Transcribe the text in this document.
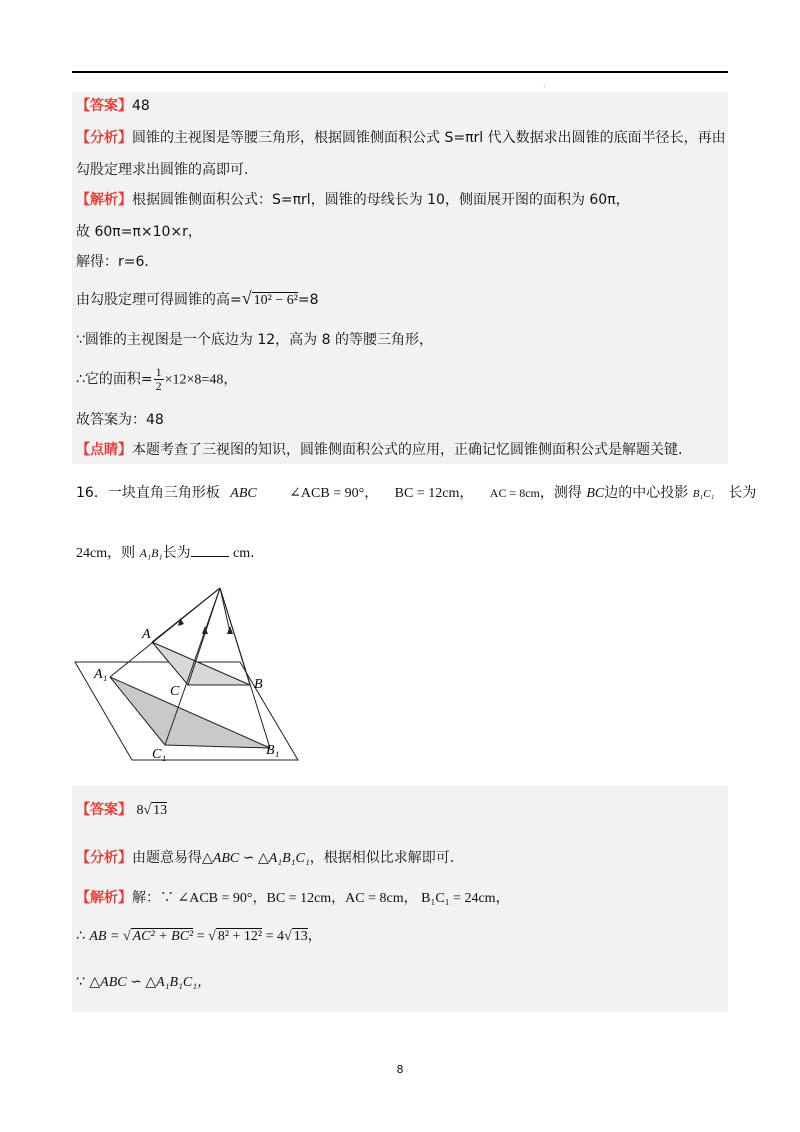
.
【答案】48
【分析】圆锥的主视图是等腰三角形，根据圆锥侧面积公式 S=πrl 代入数据求出圆锥的底面半径长，再由
勾股定理求出圆锥的高即可.
【解析】根据圆锥侧面积公式：S=πrl，圆锥的母线长为 10，侧面展开图的面积为 60π，
故 60π=π×10×r，
解得：r=6．
由勾股定理可得圆锥的高=√ 10² − 6²=8
∵圆锥的主视图是一个底边为 12，高为 8 的等腰三角形，
∴它的面积= $\frac{1}{2} \times 12\times 8=48$，
故答案为：48
【点睛】本题考查了三视图的知识，圆锥侧面积公式的应用，正确记忆圆锥侧面积公式是解题关键.
16．一块直角三角形板 ABC ∠ACB = 90°， BC = 12cm， AC = 8cm，测得 BC边的中心投影 B₁C₁ 长为
24cm，则 A₁B₁长为	cm.
A
A₁
C	B
C₁	B₁
【答案】 8√ 13
【分析】由题意易得△ABC ∽ △A₁B₁C₁，根据相似比求解即可.
【解析】解：∵ ∠ACB = 90°，BC = 12cm，AC = 8cm， B₁C₁ = 24cm，
∴ AB = √ AC² + BC² = √ 8² + 12² = 4√ 13，
∵ △ABC ∽ △A₁B₁C₁，
8
